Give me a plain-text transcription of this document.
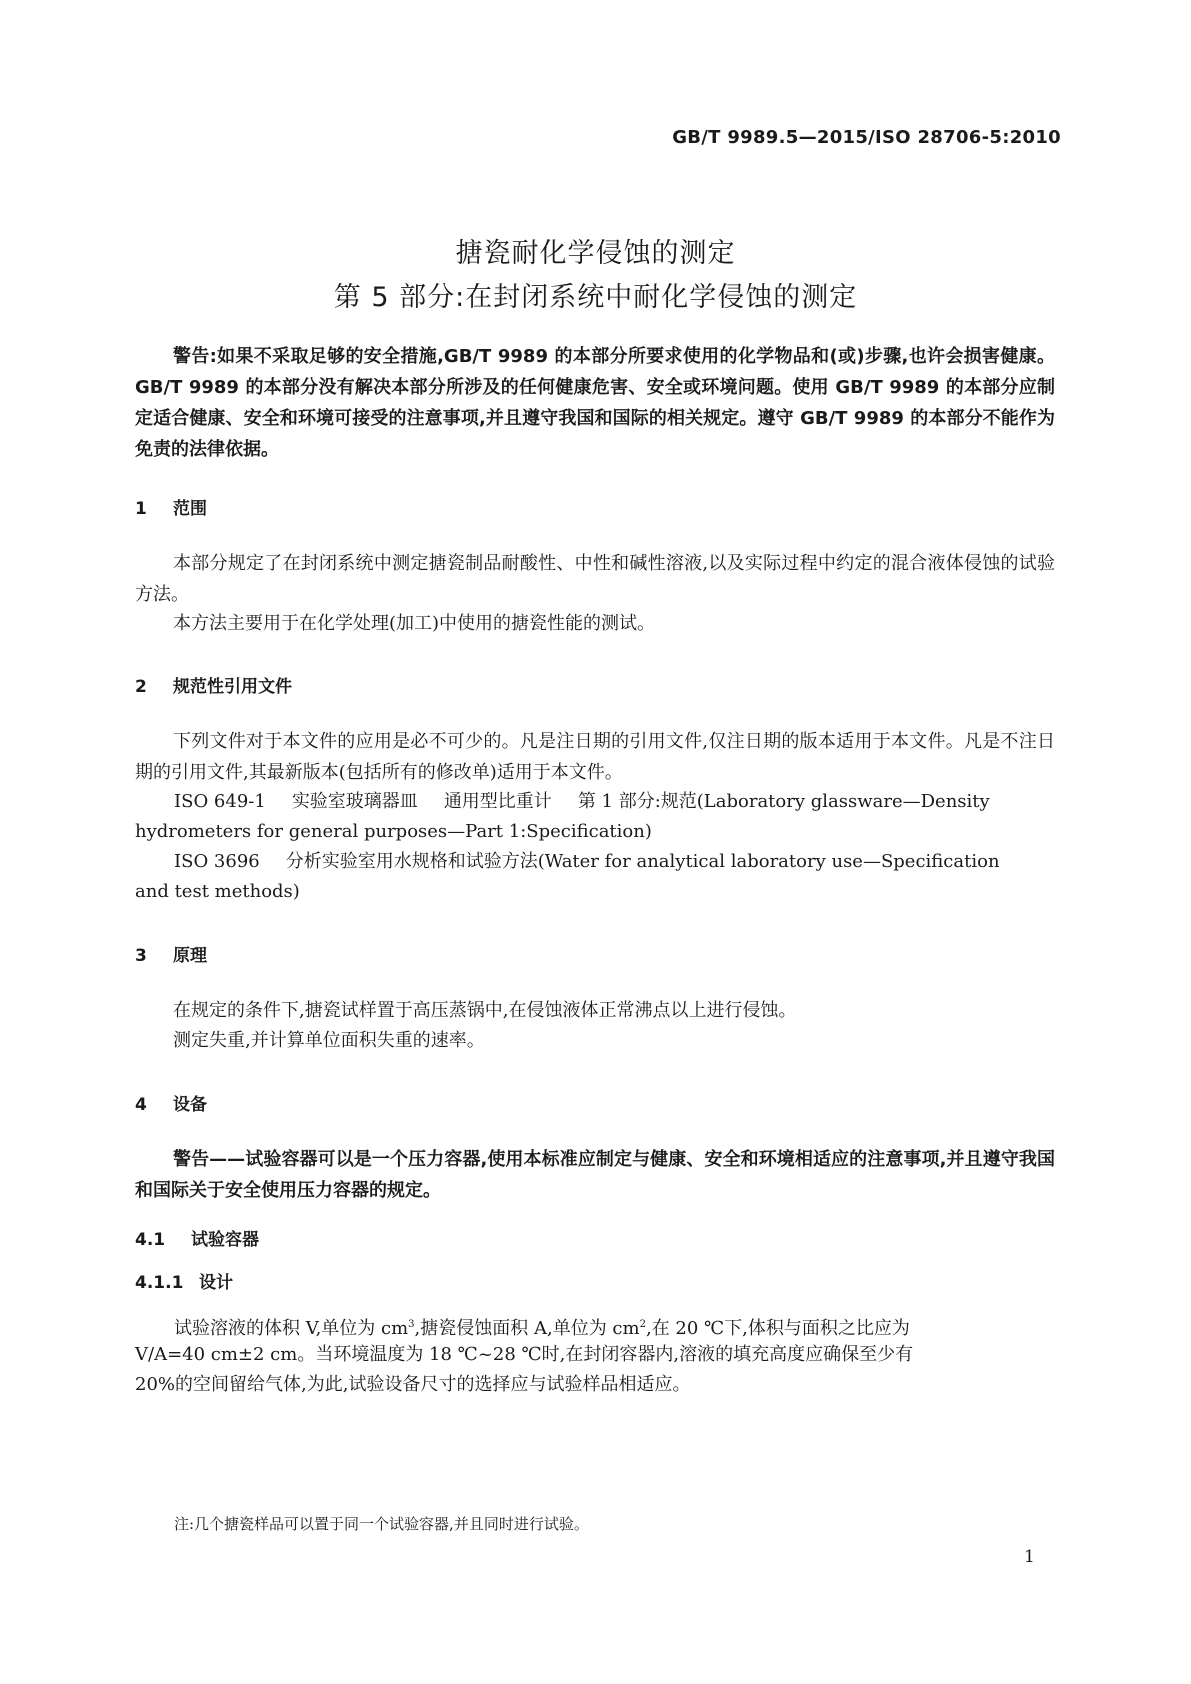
GB/T 9989.5—2015/ISO 28706-5:2010
搪瓷耐化学侵蚀的测定
第 5 部分:在封闭系统中耐化学侵蚀的测定

警告:如果不采取足够的安全措施,GB/T 9989 的本部分所要求使用的化学物品和(或)步骤,也许会损害健康。GB/T 9989 的本部分没有解决本部分所涉及的任何健康危害、安全或环境问题。使用 GB/T 9989 的本部分应制定适合健康、安全和环境可接受的注意事项,并且遵守我国和国际的相关规定。遵守 GB/T 9989 的本部分不能作为免责的法律依据。

1 范围

本部分规定了在封闭系统中测定搪瓷制品耐酸性、中性和碱性溶液,以及实际过程中约定的混合液体侵蚀的试验方法。

本方法主要用于在化学处理(加工)中使用的搪瓷性能的测试。

2 规范性引用文件

下列文件对于本文件的应用是必不可少的。凡是注日期的引用文件,仅注日期的版本适用于本文件。凡是不注日期的引用文件,其最新版本(包括所有的修改单)适用于本文件。

ISO 649-1 实验室玻璃器皿 通用型比重计 第 1 部分:规范(Laboratory glassware—Density

hydrometers for general purposes—Part 1:Specification)

ISO 3696 分析实验室用水规格和试验方法(Water for analytical laboratory use—Specification

and test methods)

3 原理

在规定的条件下,搪瓷试样置于高压蒸锅中,在侵蚀液体正常沸点以上进行侵蚀。

测定失重,并计算单位面积失重的速率。

4 设备

警告——试验容器可以是一个压力容器,使用本标准应制定与健康、安全和环境相适应的注意事项,并且遵守我国和国际关于安全使用压力容器的规定。

4.1 试验容器

4.1.1 设计

试验溶液的体积 V,单位为 $cm^3$,搪瓷侵蚀面积 A,单位为 $cm^2$,在 20 ℃下,体积与面积之比应为

V/A=40 cm±2 cm。当环境温度为 18 ℃~28 ℃时,在封闭容器内,溶液的填充高度应确保至少有

20%的空间留给气体,为此,试验设备尺寸的选择应与试验样品相适应。

注:几个搪瓷样品可以置于同一个试验容器,并且同时进行试验。
1
